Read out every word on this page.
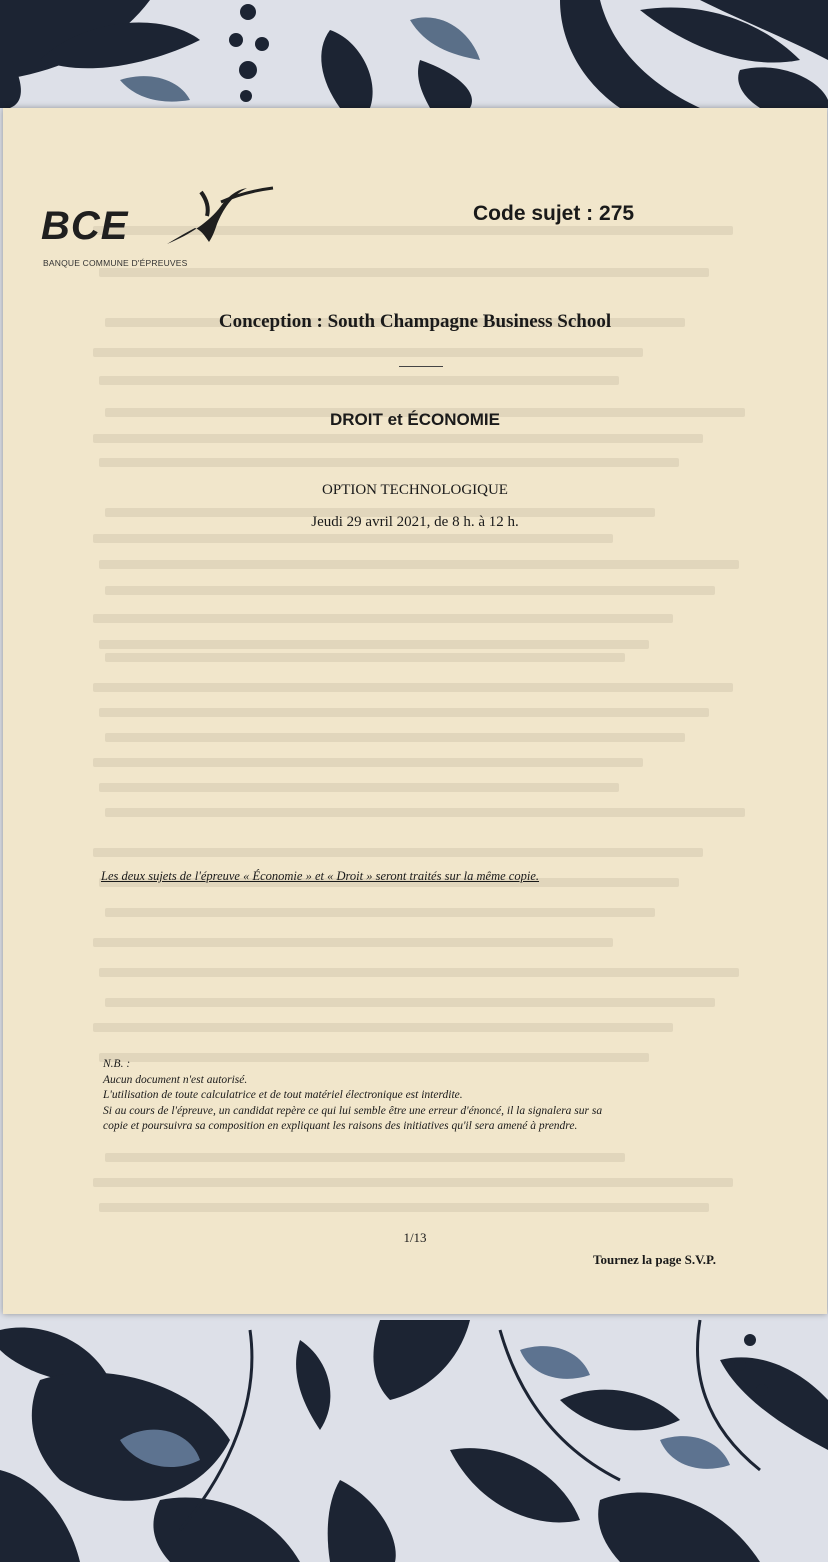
BCE
BANQUE COMMUNE D'ÉPREUVES
Code sujet : 275
Conception : South Champagne Business School
DROIT et ÉCONOMIE
OPTION TECHNOLOGIQUE
Jeudi 29 avril 2021, de 8 h. à 12 h.
Les deux sujets de l'épreuve « Économie » et « Droit » seront traités sur la même copie.
N.B. :
Aucun document n'est autorisé.
L'utilisation de toute calculatrice et de tout matériel électronique est interdite.
Si au cours de l'épreuve, un candidat repère ce qui lui semble être une erreur d'énoncé, il la signalera sur sa
copie et poursuivra sa composition en expliquant les raisons des initiatives qu'il sera amené à prendre.
1/13
Tournez la page S.V.P.
